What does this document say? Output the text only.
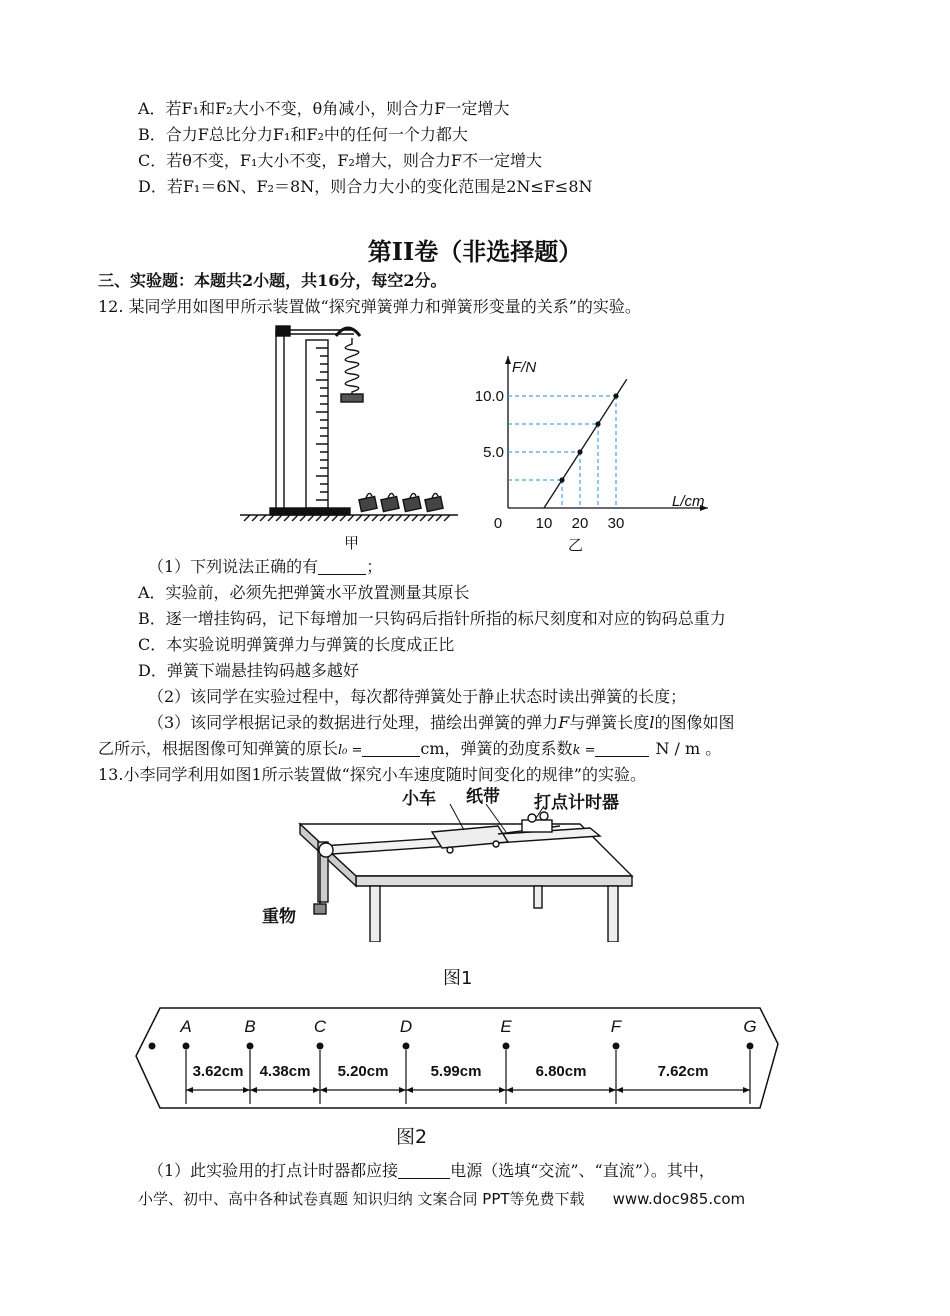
A．若F₁和F₂大小不变，θ角减小，则合力F一定增大
B．合力F总比分力F₁和F₂中的任何一个力都大
C．若θ不变，F₁大小不变，F₂增大，则合力F不一定增大
D．若F₁＝6N、F₂＝8N，则合力大小的变化范围是2N≤F≤8N
第II卷（非选择题）
三、实验题：本题共2小题，共16分，每空2分。
12. 某同学用如图甲所示装置做“探究弹簧弹力和弹簧形变量的关系”的实验。
甲
10 20 30
5.0
10.0
0
F/N
L/cm
乙
（1）下列说法正确的有	；
A．实验前，必须先把弹簧水平放置测量其原长
B．逐一增挂钩码，记下每增加一只钩码后指针所指的标尺刻度和对应的钩码总重力
C．本实验说明弹簧弹力与弹簧的长度成正比
D．弹簧下端悬挂钩码越多越好
（2）该同学在实验过程中，每次都待弹簧处于静止状态时读出弹簧的长度；
（3）该同学根据记录的数据进行处理，描绘出弹簧的弹力F与弹簧长度l的图像如图
乙所示，根据图像可知弹簧的原长l₀ =	cm，弹簧的劲度系数k =	N / m 。
13.小李同学利用如图1所示装置做“探究小车速度随时间变化的规律”的实验。
小车 纸带 打点计时器
重物
图1
A	B	C	D	E	F	G
3.62cm 4.38cm 5.20cm	5.99cm	6.80cm	7.62cm
图2
（1）此实验用的打点计时器都应接	电源（选填“交流”、“直流”）。其中，
小学、初中、高中各种试卷真题 知识归纳 文案合同 PPT等免费下载 www.doc985.com
